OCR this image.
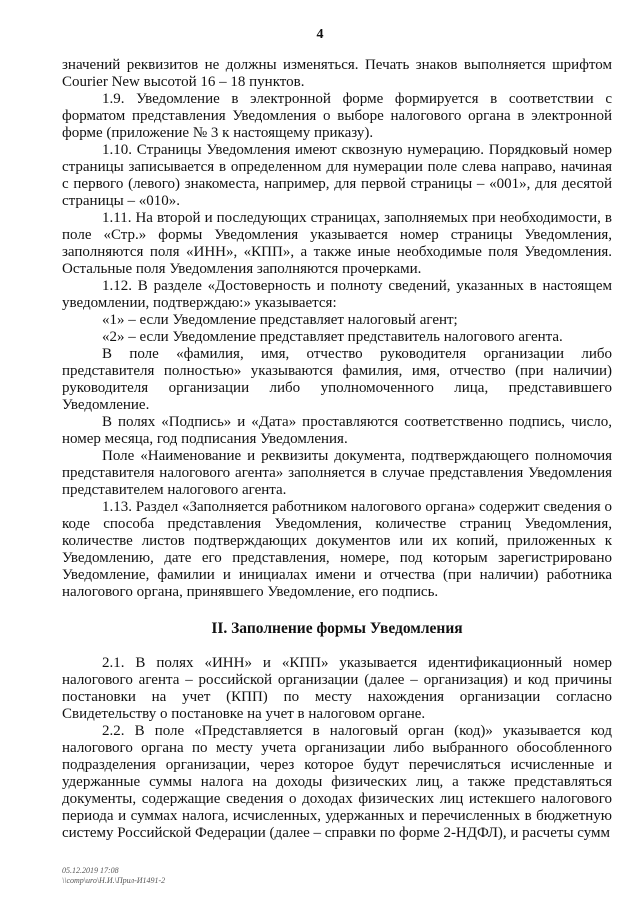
4

значений реквизитов не должны изменяться. Печать знаков выполняется шрифтом Courier New высотой 16 – 18 пунктов.

1.9. Уведомление в электронной форме формируется в соответствии с форматом представления Уведомления о выборе налогового органа в электронной форме (приложение № 3 к настоящему приказу).

1.10. Страницы Уведомления имеют сквозную нумерацию. Порядковый номер страницы записывается в определенном для нумерации поле слева направо, начиная с первого (левого) знакоместа, например, для первой страницы – «001», для десятой страницы – «010».

1.11. На второй и последующих страницах, заполняемых при необходимости, в поле «Стр.» формы Уведомления указывается номер страницы Уведомления, заполняются поля «ИНН», «КПП», а также иные необходимые поля Уведомления. Остальные поля Уведомления заполняются прочерками.

1.12. В разделе «Достоверность и полноту сведений, указанных в настоящем уведомлении, подтверждаю:» указывается:

«1» – если Уведомление представляет налоговый агент;

«2» – если Уведомление представляет представитель налогового агента.

В поле «фамилия, имя, отчество руководителя организации либо представителя полностью» указываются фамилия, имя, отчество (при наличии) руководителя организации либо уполномоченного лица, представившего Уведомление.

В полях «Подпись» и «Дата» проставляются соответственно подпись, число, номер месяца, год подписания Уведомления.

Поле «Наименование и реквизиты документа, подтверждающего полномочия представителя налогового агента» заполняется в случае представления Уведомления представителем налогового агента.

1.13. Раздел «Заполняется работником налогового органа» содержит сведения о коде способа представления Уведомления, количестве страниц Уведомления, количестве листов подтверждающих документов или их копий, приложенных к Уведомлению, дате его представления, номере, под которым зарегистрировано Уведомление, фамилии и инициалах имени и отчества (при наличии) работника налогового органа, принявшего Уведомление, его подпись.

II. Заполнение формы Уведомления

2.1. В полях «ИНН» и «КПП» указывается идентификационный номер налогового агента – российской организации (далее – организация) и код причины постановки на учет (КПП) по месту нахождения организации согласно Свидетельству о постановке на учет в налоговом органе.

2.2. В поле «Представляется в налоговый орган (код)» указывается код налогового органа по месту учета организации либо выбранного обособленного подразделения организации, через которое будут перечисляться исчисленные и удержанные суммы налога на доходы физических лиц, а также представляться документы, содержащие сведения о доходах физических лиц истекшего налогового периода и суммах налога, исчисленных, удержанных и перечисленных в бюджетную систему Российской Федерации (далее – справки по форме 2-НДФЛ), и расчеты сумм

05.12.2019 17:08
\\comp\uro\Н.И.\Прил-И1491-2
